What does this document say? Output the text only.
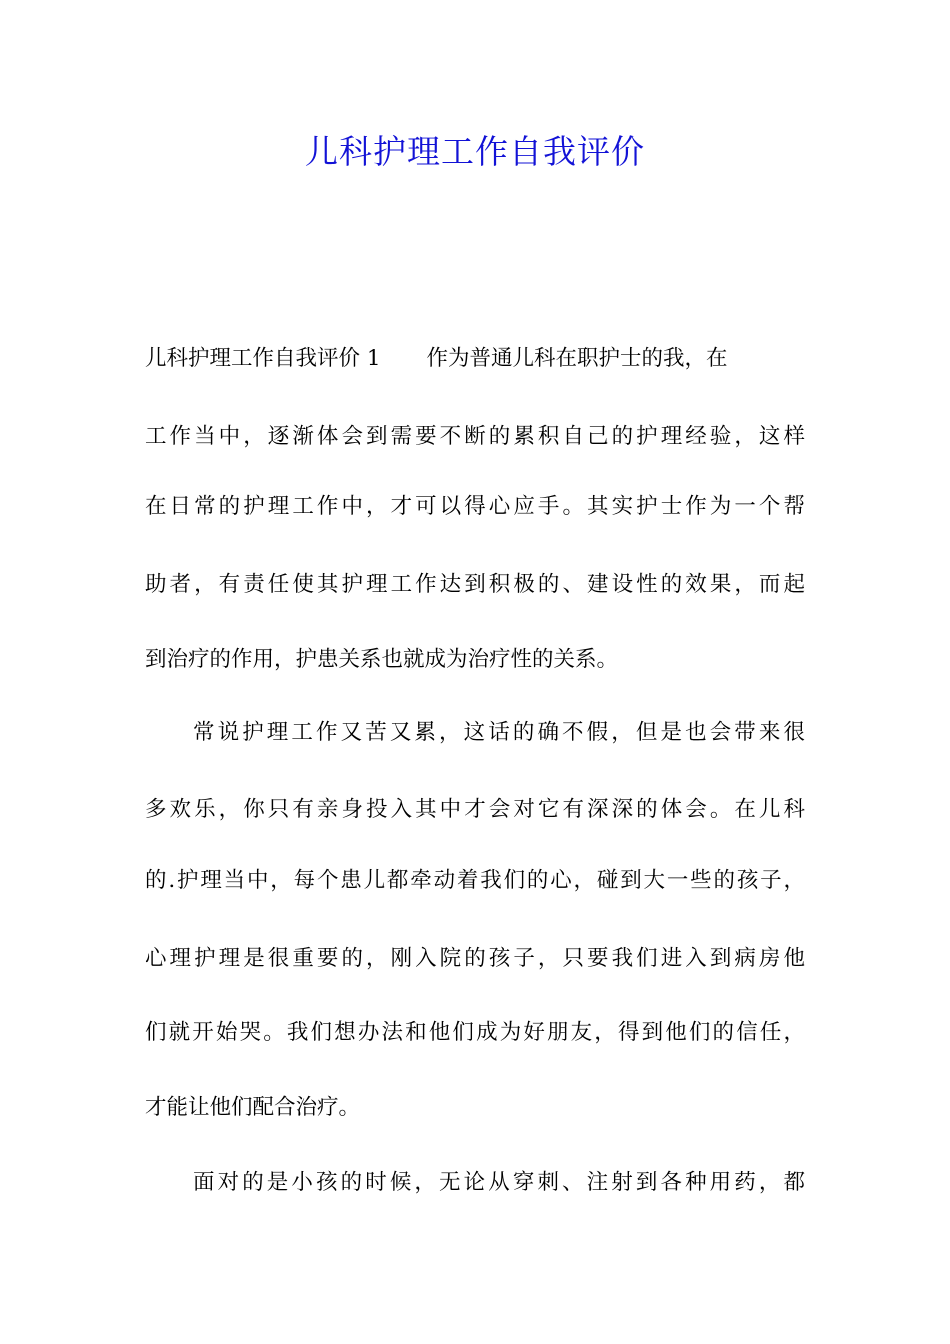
儿科护理工作自我评价
儿科护理工作自我评价 1 作为普通儿科在职护士的我，在
工作当中，逐渐体会到需要不断的累积自己的护理经验，这样
在日常的护理工作中，才可以得心应手。其实护士作为一个帮
助者，有责任使其护理工作达到积极的、建设性的效果，而起
到治疗的作用，护患关系也就成为治疗性的关系。
常说护理工作又苦又累，这话的确不假，但是也会带来很
多欢乐，你只有亲身投入其中才会对它有深深的体会。在儿科
的.护理当中，每个患儿都牵动着我们的心，碰到大一些的孩子，
心理护理是很重要的，刚入院的孩子，只要我们进入到病房他
们就开始哭。我们想办法和他们成为好朋友，得到他们的信任，
才能让他们配合治疗。
面对的是小孩的时候，无论从穿刺、注射到各种用药，都
